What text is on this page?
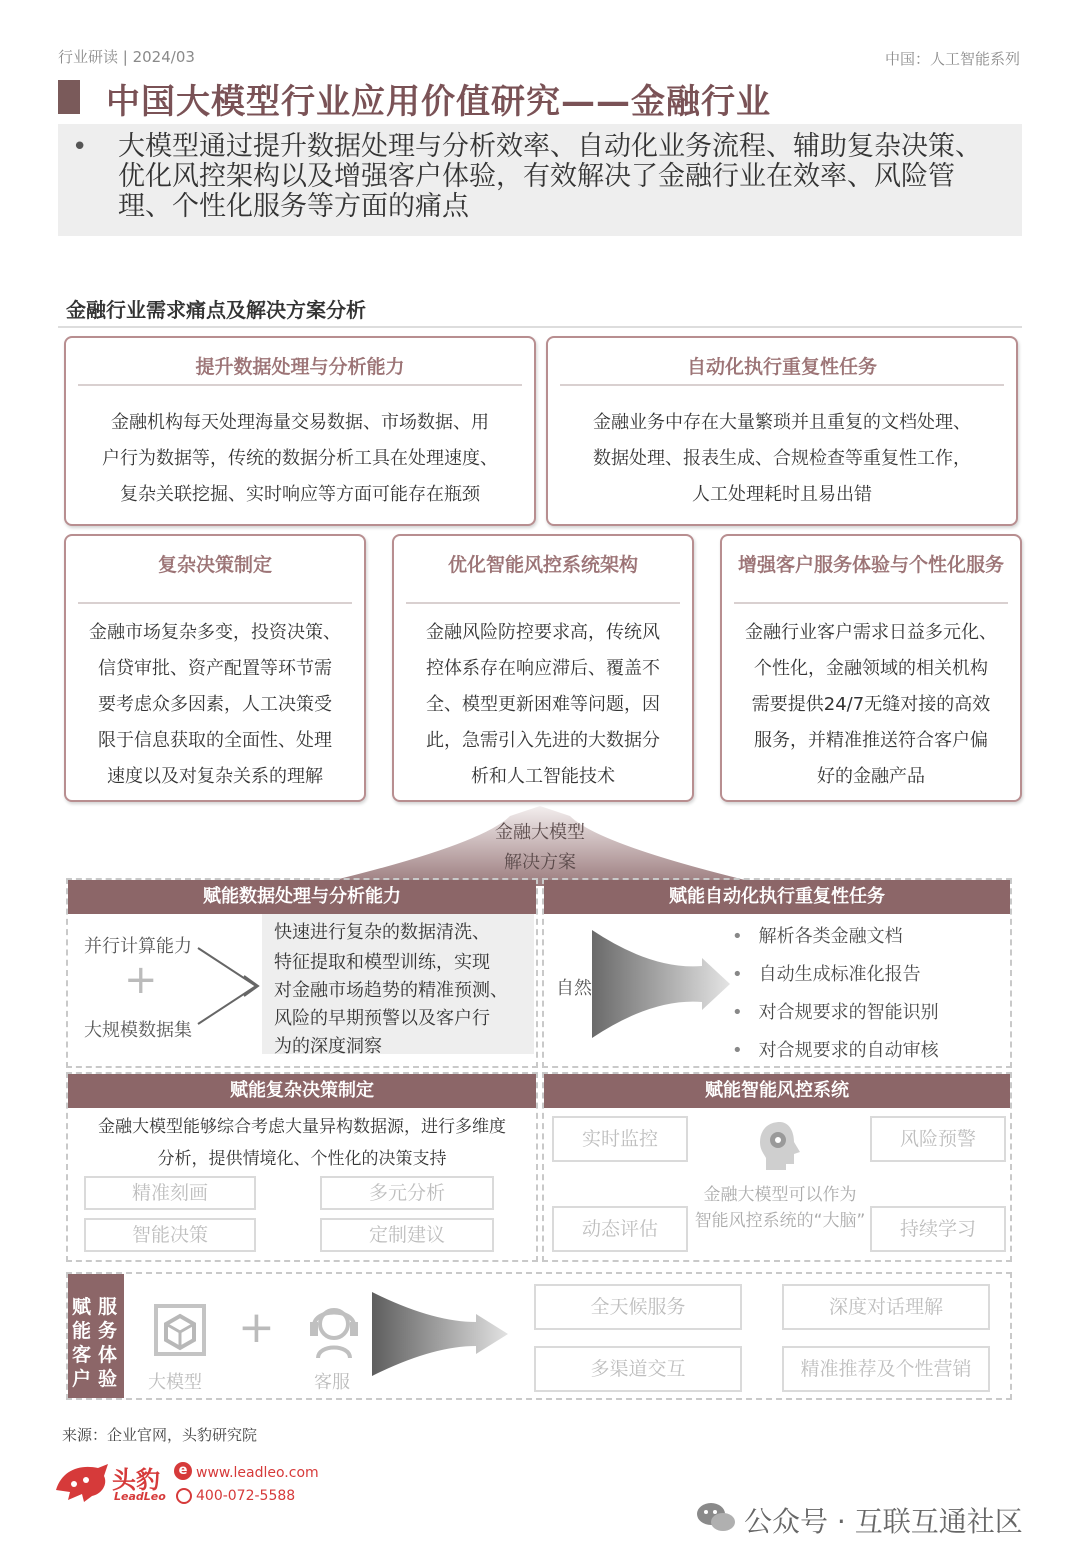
行业研读 | 2024/03	中国：人工智能系列
中国大模型行业应用价值研究——金融行业
• 大模型通过提升数据处理与分析效率、自动化业务流程、辅助复杂决策、优化风控架构以及增强客户体验，有效解决了金融行业在效率、风险管理、个性化服务等方面的痛点
金融行业需求痛点及解决方案分析
提升数据处理与分析能力
金融机构每天处理海量交易数据、市场数据、用
户行为数据等，传统的数据分析工具在处理速度、
复杂关联挖掘、实时响应等方面可能存在瓶颈
自动化执行重复性任务
金融业务中存在大量繁琐并且重复的文档处理、
数据处理、报表生成、合规检查等重复性工作，
人工处理耗时且易出错
复杂决策制定
金融市场复杂多变，投资决策、
信贷审批、资产配置等环节需
要考虑众多因素，人工决策受
限于信息获取的全面性、处理
速度以及对复杂关系的理解
优化智能风控系统架构
金融风险防控要求高，传统风
控体系存在响应滞后、覆盖不
全、模型更新困难等问题，因
此，急需引入先进的大数据分
析和人工智能技术
增强客户服务体验与个性化服务
金融行业客户需求日益多元化、
个性化，金融领域的相关机构
需要提供24/7无缝对接的高效
服务，并精准推送符合客户偏
好的金融产品
金融大模型
解决方案
赋能数据处理与分析能力
并行计算能力
+
大规模数据集
快速进行复杂的数据清洗、
特征提取和模型训练，实现
对金融市场趋势的精准预测、
风险的早期预警以及客户行
为的深度洞察
赋能自动化执行重复性任务
自然
• 解析各类金融文档
• 自动生成标准化报告
• 对合规要求的智能识别
• 对合规要求的自动审核
赋能复杂决策制定
金融大模型能够综合考虑大量异构数据源，进行多维度
分析，提供情境化、个性化的决策支持
精准刻画	多元分析
智能决策	定制建议
赋能智能风控系统
实时监控	风险预警
动态评估	持续学习
金融大模型可以作为
智能风控系统的“大脑”
赋 服
能 务
客 体
户 验 大模型
+
客服
全天候服务	深度对话理解
多渠道交互	精准推荐及个性营销
来源：企业官网，头豹研究院
头豹
LeadLeo
e www.leadleo.com
400-072-5588
公众号 · 互联互通社区
